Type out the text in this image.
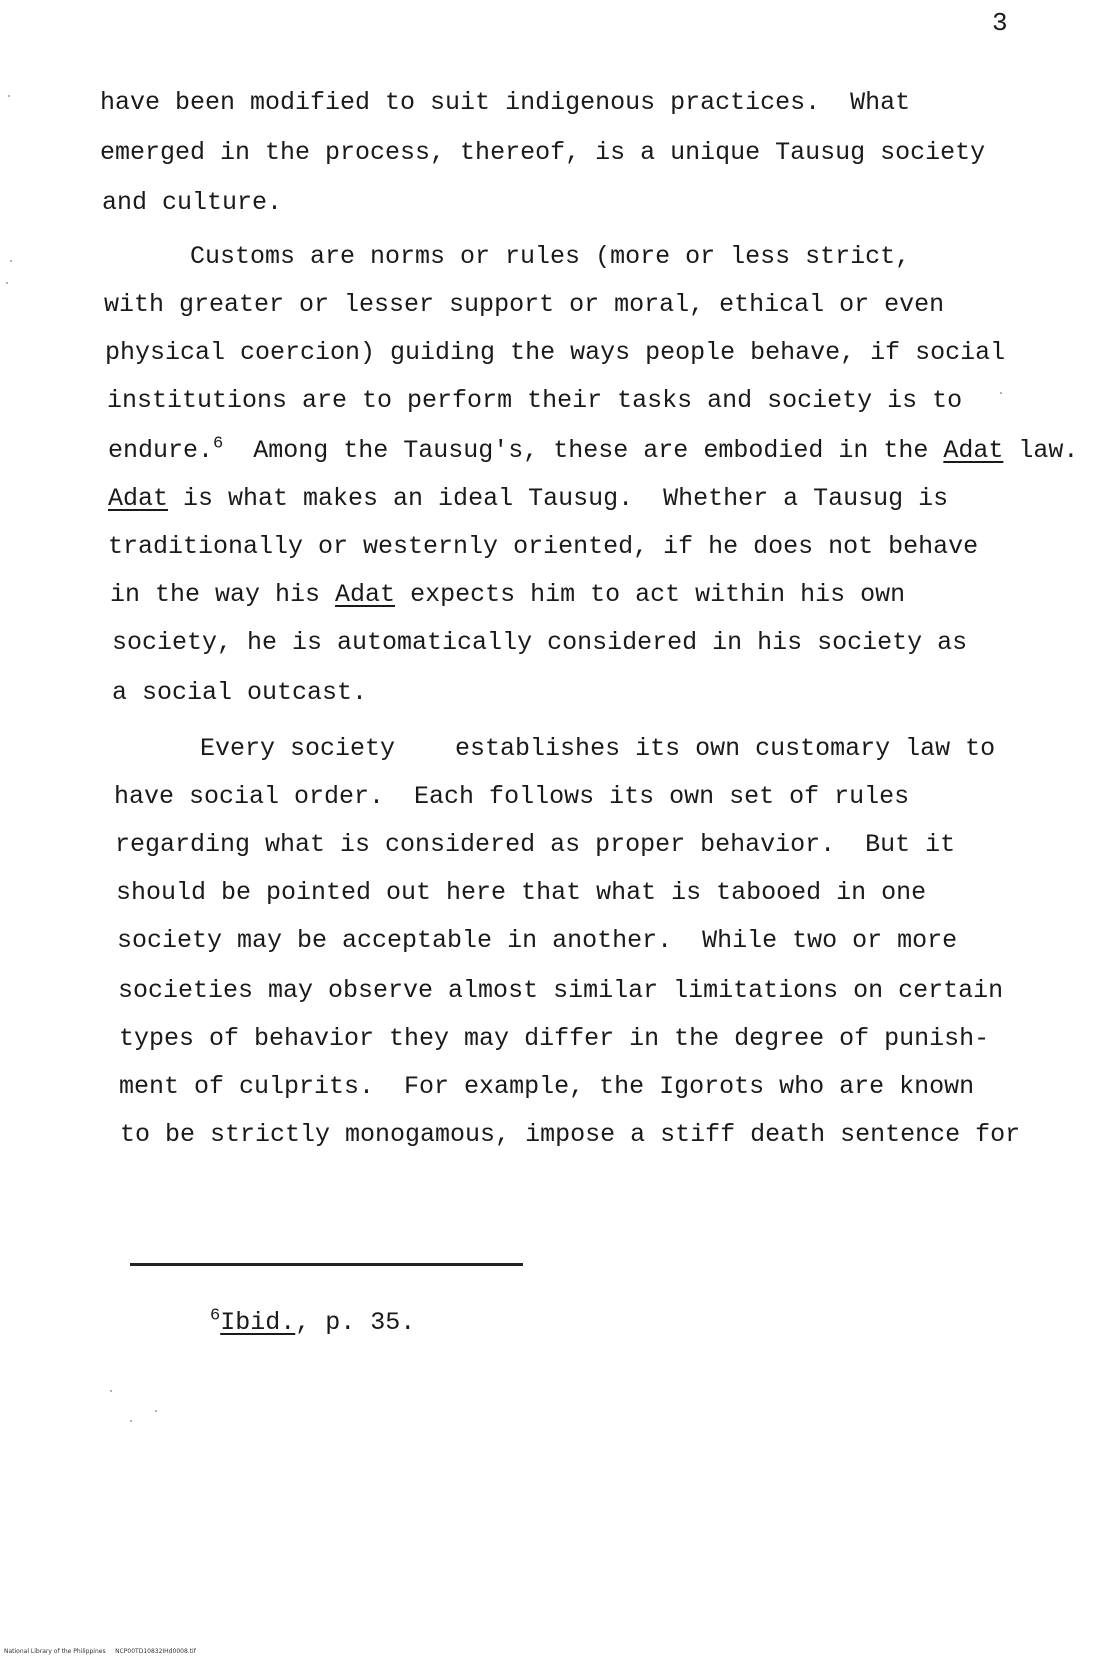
3
have been modified to suit indigenous practices.  What
emerged in the process, thereof, is a unique Tausug society
and culture.
Customs are norms or rules (more or less strict,
with greater or lesser support or moral, ethical or even
physical coercion) guiding the ways people behave, if social
institutions are to perform their tasks and society is to
endure.$^6$  Among the Tausug's, these are embodied in the Adat law.
Adat is what makes an ideal Tausug.  Whether a Tausug is
traditionally or westernly oriented, if he does not behave
in the way his Adat expects him to act within his own
society, he is automatically considered in his society as
a social outcast.
Every society    establishes its own customary law to
have social order.  Each follows its own set of rules
regarding what is considered as proper behavior.  But it
should be pointed out here that what is tabooed in one
society may be acceptable in another.  While two or more
societies may observe almost similar limitations on certain
types of behavior they may differ in the degree of punish-
ment of culprits.  For example, the Igorots who are known
to be strictly monogamous, impose a stiff death sentence for
$^6$Ibid., p. 35.
National Library of the Philippines     NCP00TD10832IHd0008.tif
